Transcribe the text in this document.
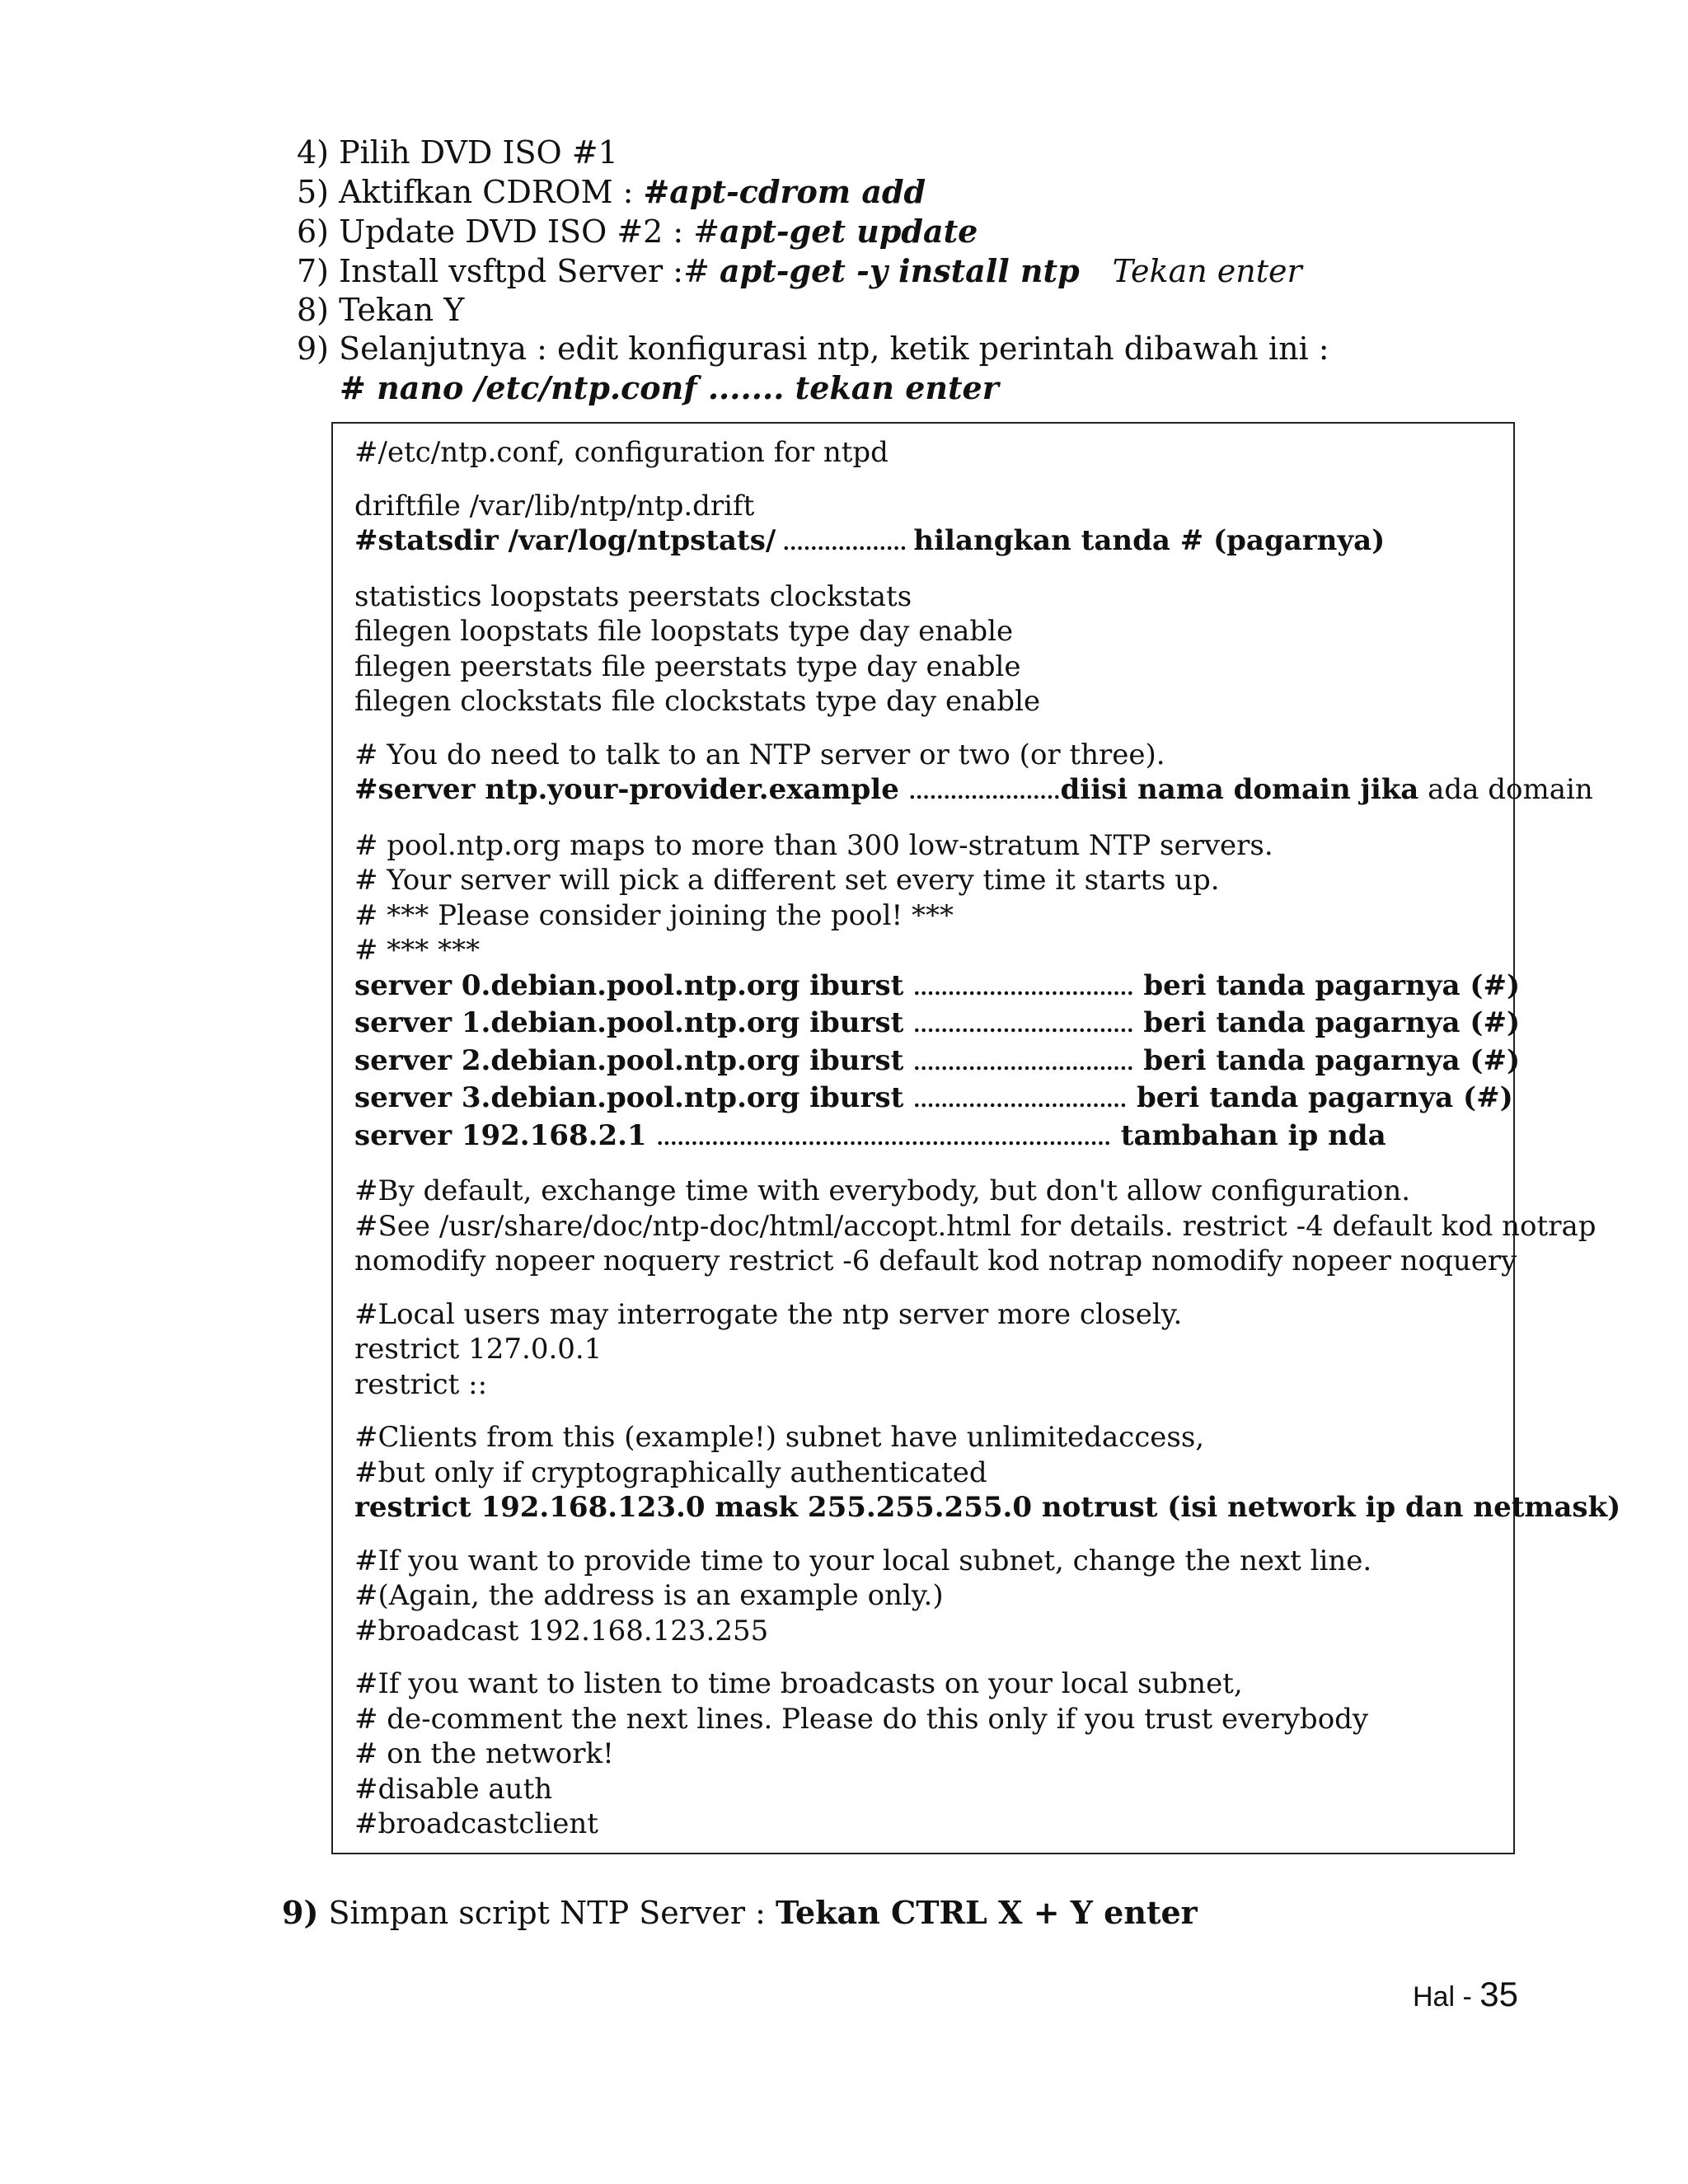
4) Pilih DVD ISO #1
5) Aktifkan CDROM : #apt-cdrom add
6) Update DVD ISO #2 : #apt-get update
7) Install vsftpd Server :# apt-get -y install ntp Tekan enter
8) Tekan Y
9) Selanjutnya : edit konfigurasi ntp, ketik perintah dibawah ini :
# nano /etc/ntp.conf ....... tekan enter
#/etc/ntp.conf, configuration for ntpd
driftfile /var/lib/ntp/ntp.drift
#statsdir /var/log/ntpstats/ .................. hilangkan tanda # (pagarnya)
statistics loopstats peerstats clockstats
filegen loopstats file loopstats type day enable
filegen peerstats file peerstats type day enable
filegen clockstats file clockstats type day enable
# You do need to talk to an NTP server or two (or three).
#server ntp.your-provider.example ......................diisi nama domain jika ada domain
# pool.ntp.org maps to more than 300 low-stratum NTP servers.
# Your server will pick a different set every time it starts up.
# *** Please consider joining the pool! ***
# *** ***
server 0.debian.pool.ntp.org iburst ................................ beri tanda pagarnya (#)
server 1.debian.pool.ntp.org iburst ................................ beri tanda pagarnya (#)
server 2.debian.pool.ntp.org iburst ................................ beri tanda pagarnya (#)
server 3.debian.pool.ntp.org iburst ............................... beri tanda pagarnya (#)
server 192.168.2.1 .................................................................. tambahan ip nda
#By default, exchange time with everybody, but don't allow configuration.
#See /usr/share/doc/ntp-doc/html/accopt.html for details. restrict -4 default kod notrap
nomodify nopeer noquery restrict -6 default kod notrap nomodify nopeer noquery
#Local users may interrogate the ntp server more closely.
restrict 127.0.0.1
restrict ::
#Clients from this (example!) subnet have unlimitedaccess,
#but only if cryptographically authenticated
restrict 192.168.123.0 mask 255.255.255.0 notrust (isi network ip dan netmask)
#If you want to provide time to your local subnet, change the next line.
#(Again, the address is an example only.)
#broadcast 192.168.123.255
#If you want to listen to time broadcasts on your local subnet,
# de-comment the next lines. Please do this only if you trust everybody
# on the network!
#disable auth
#broadcastclient
9) Simpan script NTP Server : Tekan CTRL X + Y enter
Hal - 35
